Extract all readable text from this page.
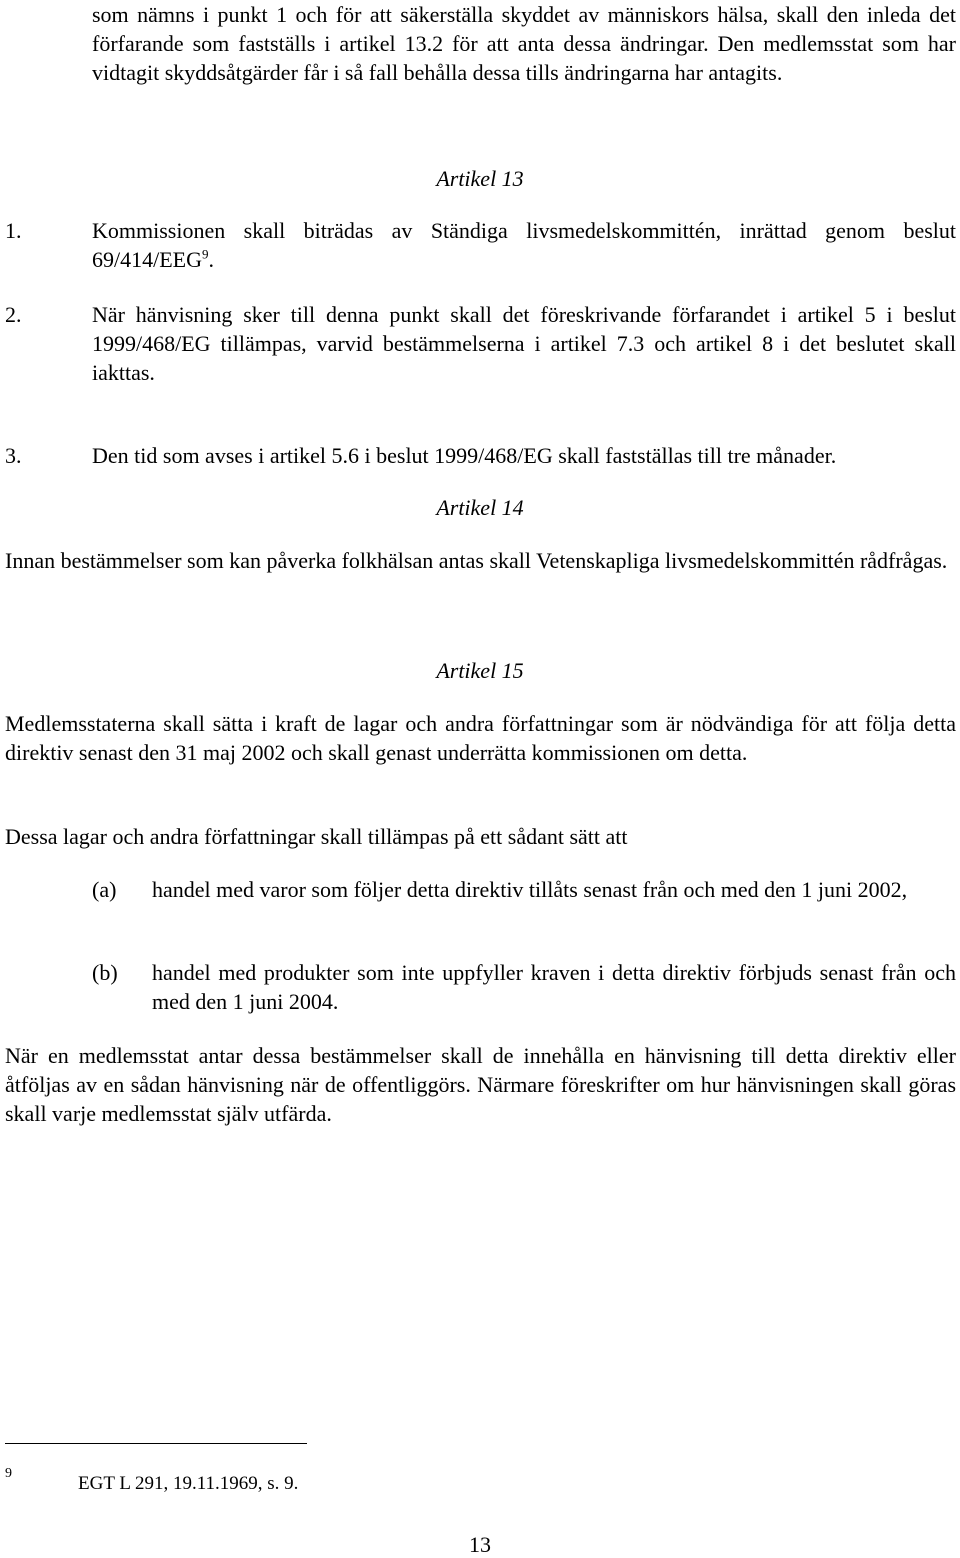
som nämns i punkt 1 och för att säkerställa skyddet av människors hälsa, skall den inleda det förfarande som fastställs i artikel 13.2 för att anta dessa ändringar. Den medlemsstat som har vidtagit skyddsåtgärder får i så fall behålla dessa tills ändringarna har antagits.

Artikel 13
1.	Kommissionen skall biträdas av Ständiga livsmedelskommittén, inrättad genom beslut 69/414/EEG$^9$.

2.	När hänvisning sker till denna punkt skall det föreskrivande förfarandet i artikel 5 i beslut 1999/468/EG tillämpas, varvid bestämmelserna i artikel 7.3 och artikel 8 i det beslutet skall iakttas.

3.	Den tid som avses i artikel 5.6 i beslut 1999/468/EG skall fastställas till tre månader.

Artikel 14

Innan bestämmelser som kan påverka folkhälsan antas skall Vetenskapliga livsmedelskommittén rådfrågas.

Artikel 15

Medlemsstaterna skall sätta i kraft de lagar och andra författningar som är nödvändiga för att följa detta direktiv senast den 31 maj 2002 och skall genast underrätta kommissionen om detta.

Dessa lagar och andra författningar skall tillämpas på ett sådant sätt att

(a) handel med varor som följer detta direktiv tillåts senast från och med den 1 juni 2002,

(b) handel med produkter som inte uppfyller kraven i detta direktiv förbjuds senast från och med den 1 juni 2004.

När en medlemsstat antar dessa bestämmelser skall de innehålla en hänvisning till detta direktiv eller åtföljas av en sådan hänvisning när de offentliggörs. Närmare föreskrifter om hur hänvisningen skall göras skall varje medlemsstat själv utfärda.

9	EGT L 291, 19.11.1969, s. 9.
13
